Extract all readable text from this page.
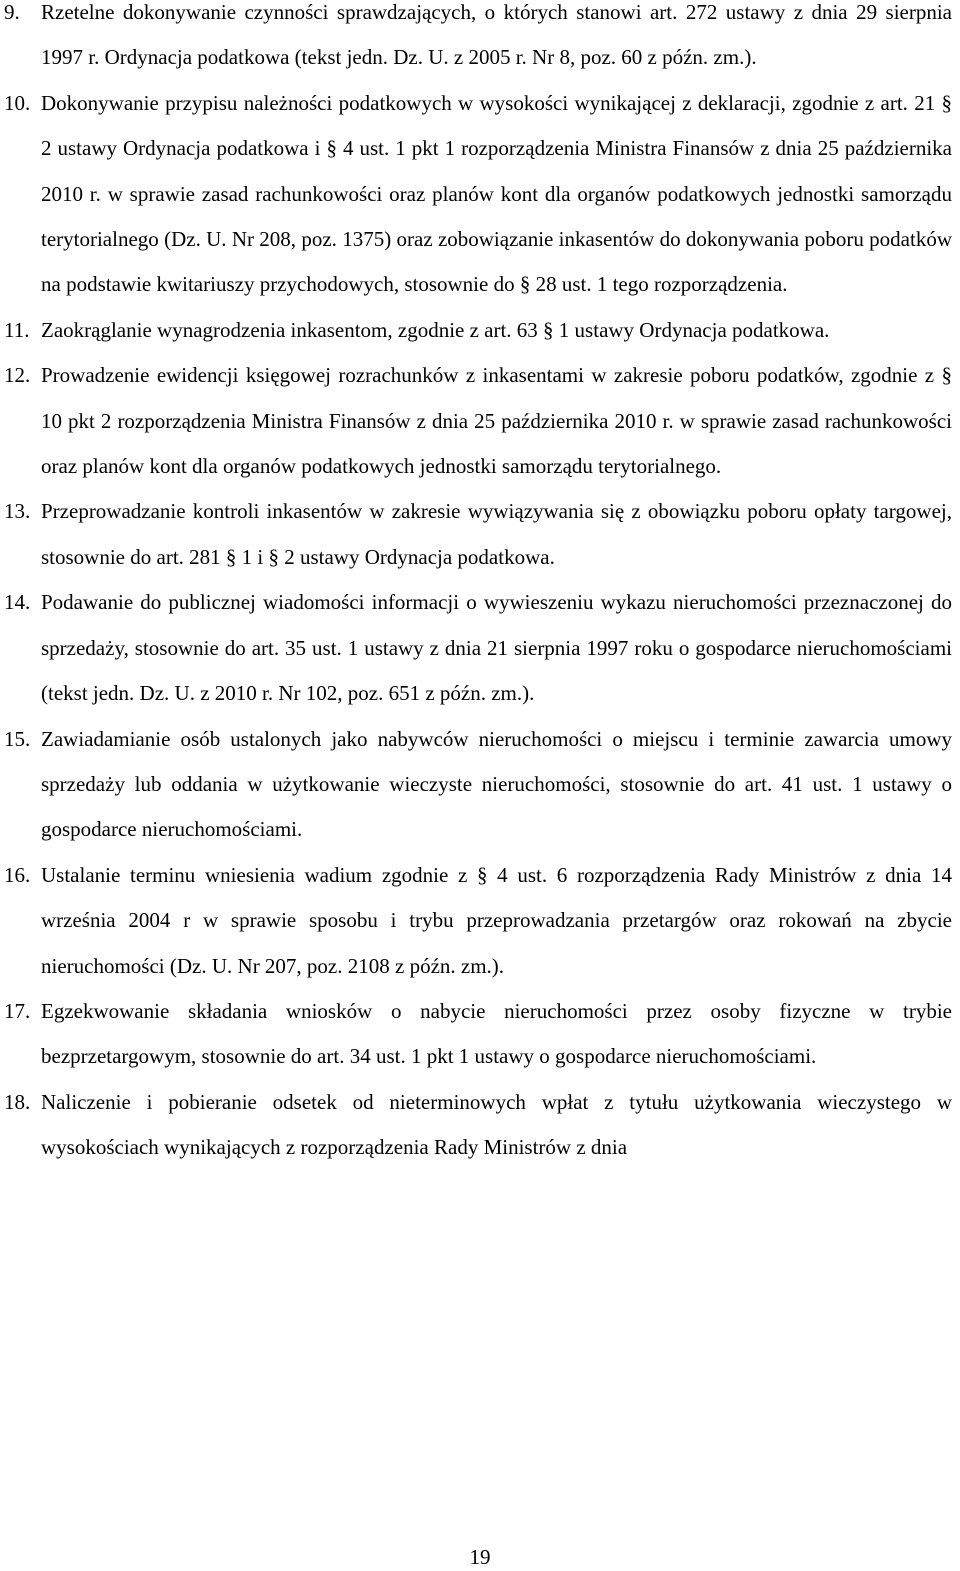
9. Rzetelne dokonywanie czynności sprawdzających, o których stanowi art. 272 ustawy z dnia 29 sierpnia 1997 r. Ordynacja podatkowa (tekst jedn. Dz. U. z 2005 r. Nr 8, poz. 60 z późn. zm.).
10. Dokonywanie przypisu należności podatkowych w wysokości wynikającej z deklaracji, zgodnie z art. 21 § 2 ustawy Ordynacja podatkowa i § 4 ust. 1 pkt 1 rozporządzenia Ministra Finansów z dnia 25 października 2010 r. w sprawie zasad rachunkowości oraz planów kont dla organów podatkowych jednostki samorządu terytorialnego (Dz. U. Nr 208, poz. 1375) oraz zobowiązanie inkasentów do dokonywania poboru podatków na podstawie kwitariuszy przychodowych, stosownie do § 28 ust. 1 tego rozporządzenia.
11. Zaokrąglanie wynagrodzenia inkasentom, zgodnie z art. 63 § 1 ustawy Ordynacja podatkowa.
12. Prowadzenie ewidencji księgowej rozrachunków z inkasentami w zakresie poboru podatków, zgodnie z § 10 pkt 2 rozporządzenia Ministra Finansów z dnia 25 października 2010 r. w sprawie zasad rachunkowości oraz planów kont dla organów podatkowych jednostki samorządu terytorialnego.
13. Przeprowadzanie kontroli inkasentów w zakresie wywiązywania się z obowiązku poboru opłaty targowej, stosownie do art. 281 § 1 i § 2 ustawy Ordynacja podatkowa.
14. Podawanie do publicznej wiadomości informacji o wywieszeniu wykazu nieruchomości przeznaczonej do sprzedaży, stosownie do art. 35 ust. 1 ustawy z dnia 21 sierpnia 1997 roku o gospodarce nieruchomościami (tekst jedn. Dz. U. z 2010 r. Nr 102, poz. 651 z późn. zm.).
15. Zawiadamianie osób ustalonych jako nabywców nieruchomości o miejscu i terminie zawarcia umowy sprzedaży lub oddania w użytkowanie wieczyste nieruchomości, stosownie do art. 41 ust. 1 ustawy o gospodarce nieruchomościami.
16. Ustalanie terminu wniesienia wadium zgodnie z § 4 ust. 6 rozporządzenia Rady Ministrów z dnia 14 września 2004 r w sprawie sposobu i trybu przeprowadzania przetargów oraz rokowań na zbycie nieruchomości (Dz. U. Nr 207, poz. 2108 z późn. zm.).
17. Egzekwowanie składania wniosków o nabycie nieruchomości przez osoby fizyczne w trybie bezprzetargowym, stosownie do art. 34 ust. 1 pkt 1 ustawy o gospodarce nieruchomościami.
18. Naliczenie i pobieranie odsetek od nieterminowych wpłat z tytułu użytkowania wieczystego w wysokościach wynikających z rozporządzenia Rady Ministrów z dnia
19
